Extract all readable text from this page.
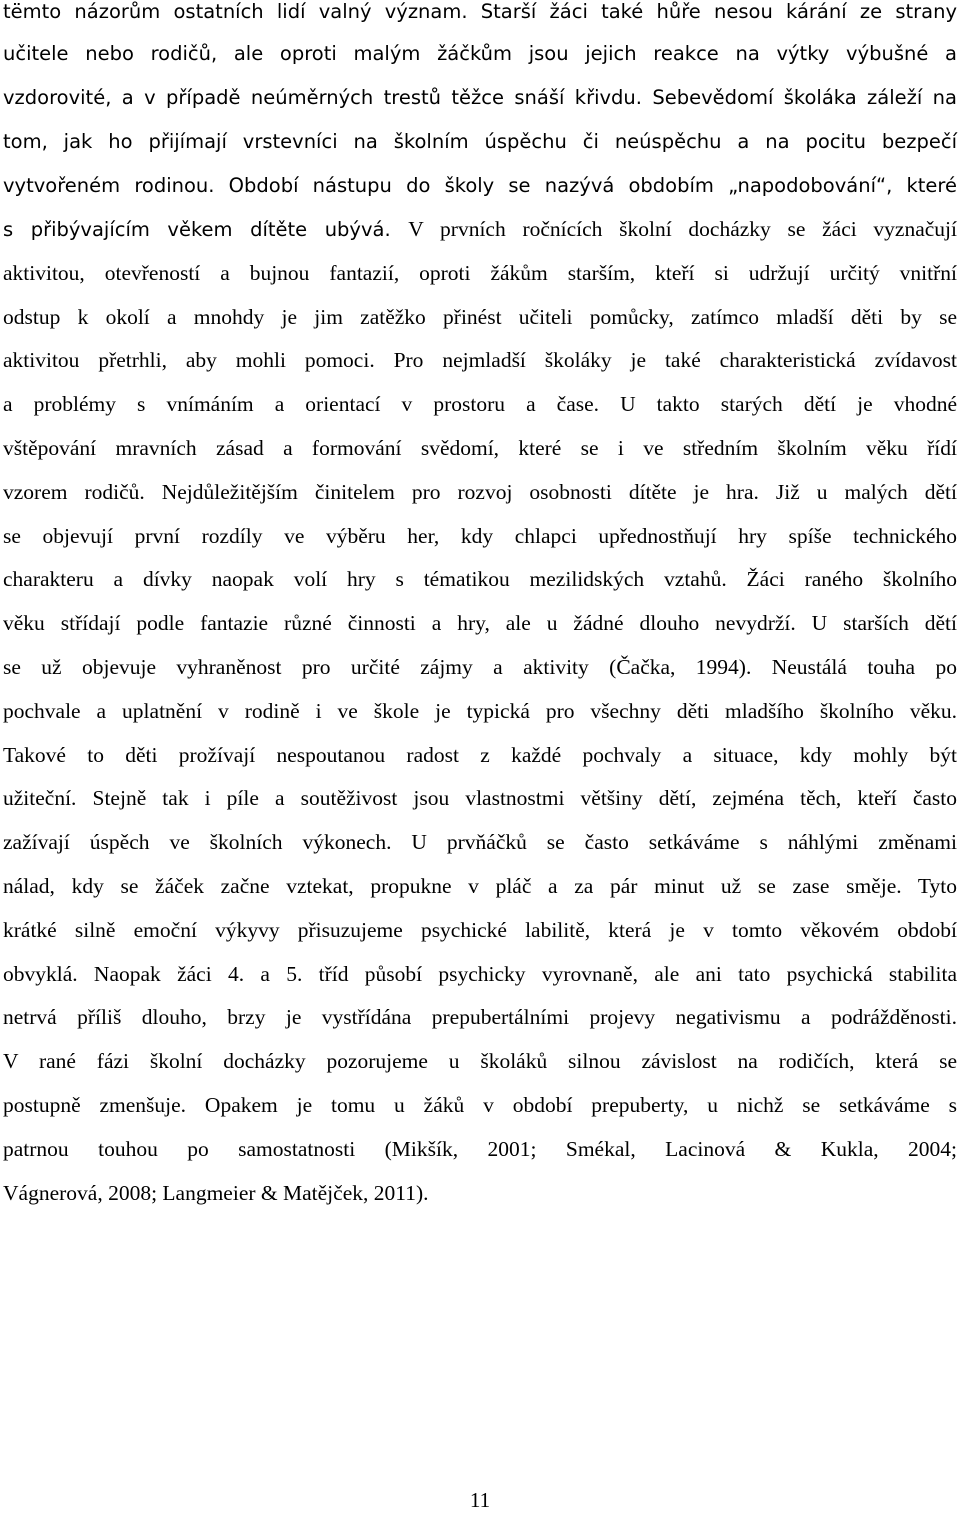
tëmto názorům ostatních lidí valný význam. Starší žáci také hůře nesou kárání ze strany
učitele nebo rodičů, ale oproti malým žáčkům jsou jejich reakce na výtky výbušné a
vzdorovité, a v případě neúměrných trestů těžce snáší křivdu. Sebevědomí školáka záleží na
tom, jak ho přijímají vrstevníci na školním úspěchu či neúspěchu a na pocitu bezpečí
vytvořeném rodinou. Období nástupu do školy se nazývá obdobím „napodobování“, které
s přibývajícím věkem dítěte ubývá. V prvních ročnících školní docházky se žáci vyznačují
aktivitou, otevřeností a bujnou fantazií, oproti žákům starším, kteří si udržují určitý vnitřní
odstup k okolí a mnohdy je jim zatěžko přinést učiteli pomůcky, zatímco mladší děti by se
aktivitou přetrhli, aby mohli pomoci. Pro nejmladší školáky je také charakteristická zvídavost
a problémy s vnímáním a orientací v prostoru a čase. U takto starých dětí je vhodné
vštěpování mravních zásad a formování svědomí, které se i ve středním školním věku řídí
vzorem rodičů. Nejdůležitějším činitelem pro rozvoj osobnosti dítěte je hra. Již u malých dětí
se objevují první rozdíly ve výběru her, kdy chlapci upřednostňují hry spíše technického
charakteru a dívky naopak volí hry s tématikou mezilidských vztahů. Žáci raného školního
věku střídají podle fantazie různé činnosti a hry, ale u žádné dlouho nevydrží. U starších dětí
se už objevuje vyhraněnost pro určité zájmy a aktivity (Čačka, 1994). Neustálá touha po
pochvale a uplatnění v rodině i ve škole je typická pro všechny děti mladšího školního věku.
Takové to děti prožívají nespoutanou radost z každé pochvaly a situace, kdy mohly být
užiteční. Stejně tak i píle a soutěživost jsou vlastnostmi většiny dětí, zejména těch, kteří často
zažívají úspěch ve školních výkonech. U prvňáčků se často setkáváme s náhlými změnami
nálad, kdy se žáček začne vztekat, propukne v pláč a za pár minut už se zase směje. Tyto
krátké silně emoční výkyvy přisuzujeme psychické labilitě, která je v tomto věkovém období
obvyklá. Naopak žáci 4. a 5. tříd působí psychicky vyrovnaně, ale ani tato psychická stabilita
netrvá příliš dlouho, brzy je vystřídána prepubertálními projevy negativismu a podrážděnosti.
V rané fázi školní docházky pozorujeme u školáků silnou závislost na rodičích, která se
postupně zmenšuje. Opakem je tomu u žáků v období prepuberty, u nichž se setkáváme s
patrnou touhou po samostatnosti (Mikšík, 2001; Smékal, Lacinová & Kukla, 2004;
Vágnerová, 2008; Langmeier & Matějček, 2011).
11
